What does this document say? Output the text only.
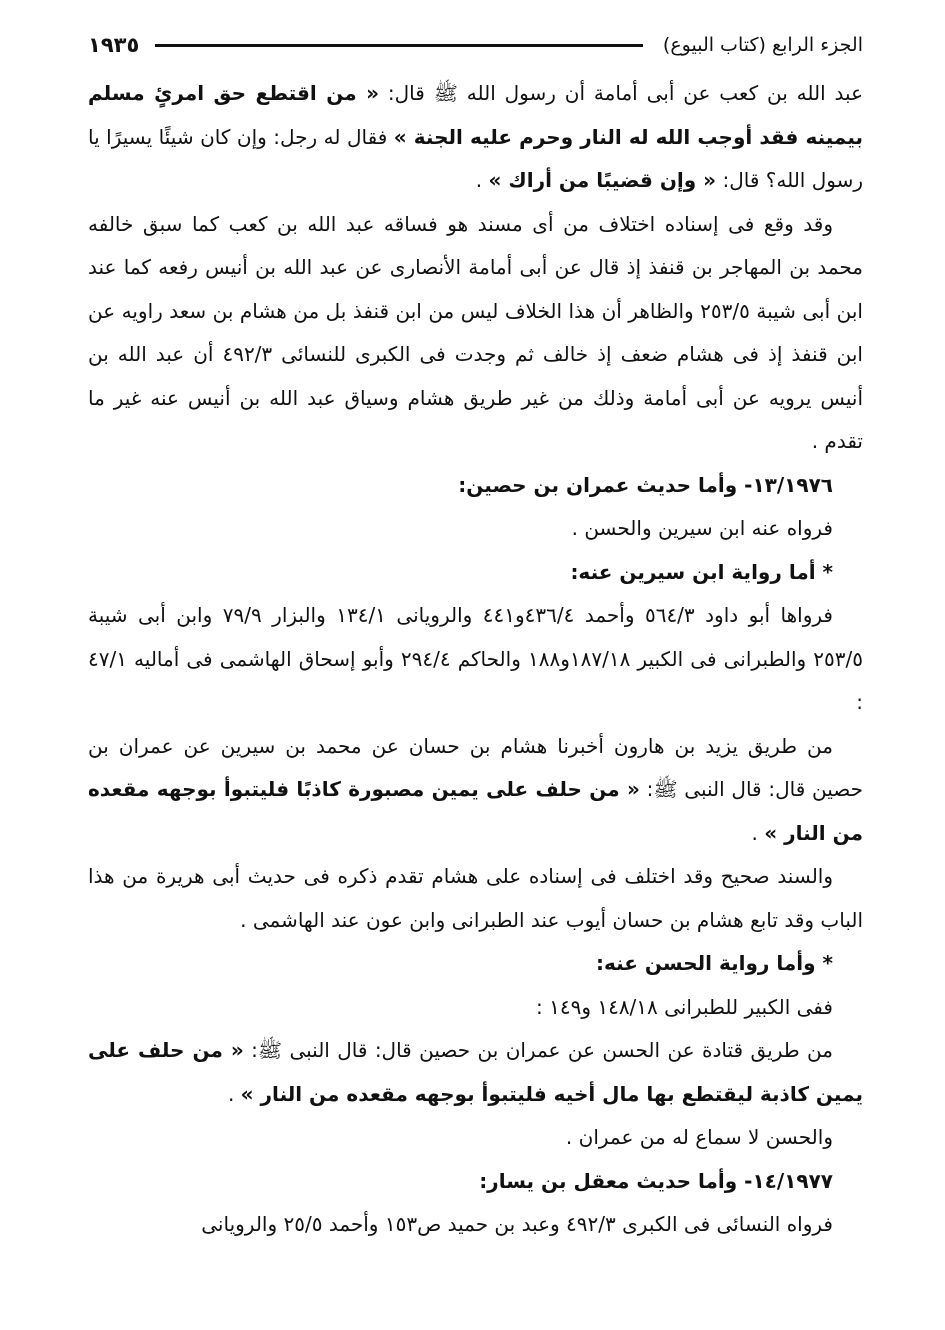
الجزء الرابع (كتاب البيوع)
١٩٣٥

عبد الله بن كعب عن أبى أمامة أن رسول الله ﷺ قال: « من اقتطع حق امرئٍ مسلم بيمينه فقد أوجب الله له النار وحرم عليه الجنة » فقال له رجل: وإن كان شيئًا يسيرًا يا رسول الله؟ قال: « وإن قضيبًا من أراك » .

وقد وقع فى إسناده اختلاف من أى مسند هو فساقه عبد الله بن كعب كما سبق خالفه محمد بن المهاجر بن قنفذ إذ قال عن أبى أمامة الأنصارى عن عبد الله بن أنيس رفعه كما عند ابن أبى شيبة ٢٥٣/٥ والظاهر أن هذا الخلاف ليس من ابن قنفذ بل من هشام بن سعد راويه عن ابن قنفذ إذ فى هشام ضعف إذ خالف ثم وجدت فى الكبرى للنسائى ٤٩٢/٣ أن عبد الله بن أنيس يرويه عن أبى أمامة وذلك من غير طريق هشام وسياق عبد الله بن أنيس عنه غير ما تقدم .

١٣/١٩٧٦- وأما حديث عمران بن حصين:

فرواه عنه ابن سيرين والحسن .

* أما رواية ابن سيرين عنه:

فرواها أبو داود ٥٦٤/٣ وأحمد ٤٣٦/٤و٤٤١ والرويانى ١٣٤/١ والبزار ٧٩/٩ وابن أبى شيبة ٢٥٣/٥ والطبرانى فى الكبير ١٨٧/١٨و١٨٨ والحاكم ٢٩٤/٤ وأبو إسحاق الهاشمى فى أماليه ٤٧/١ :

من طريق يزيد بن هارون أخبرنا هشام بن حسان عن محمد بن سيرين عن عمران بن حصين قال: قال النبى ﷺ: « من حلف على يمين مصبورة كاذبًا فليتبوأ بوجهه مقعده من النار » .

والسند صحيح وقد اختلف فى إسناده على هشام تقدم ذكره فى حديث أبى هريرة من هذا الباب وقد تابع هشام بن حسان أيوب عند الطبرانى وابن عون عند الهاشمى .

* وأما رواية الحسن عنه:

ففى الكبير للطبرانى ١٤٨/١٨ و١٤٩ :

من طريق قتادة عن الحسن عن عمران بن حصين قال: قال النبى ﷺ: « من حلف على يمين كاذبة ليقتطع بها مال أخيه فليتبوأ بوجهه مقعده من النار » .

والحسن لا سماع له من عمران .

١٤/١٩٧٧- وأما حديث معقل بن يسار:

فرواه النسائى فى الكبرى ٤٩٢/٣ وعبد بن حميد ص١٥٣ وأحمد ٢٥/٥ والرويانى
